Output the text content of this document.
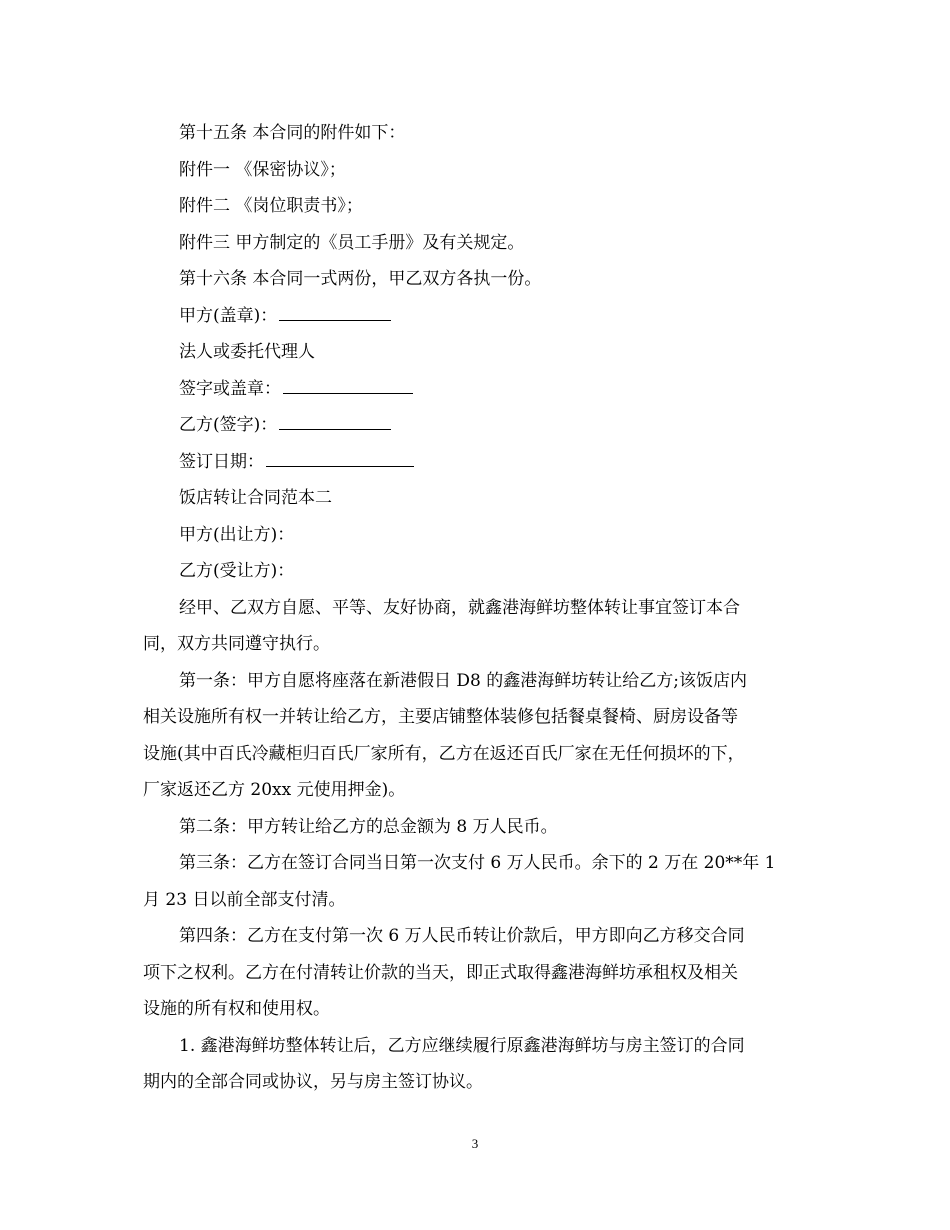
第十五条 本合同的附件如下：

附件一 《保密协议》；

附件二 《岗位职责书》；

附件三 甲方制定的《员工手册》及有关规定。

第十六条 本合同一式两份，甲乙双方各执一份。

甲方(盖章)：

法人或委托代理人

签字或盖章：

乙方(签字)：

签订日期：

饭店转让合同范本二

甲方(出让方)：

乙方(受让方)：

经甲、乙双方自愿、平等、友好协商，就鑫港海鲜坊整体转让事宜签订本合

同，双方共同遵守执行。

第一条：甲方自愿将座落在新港假日 D8 的鑫港海鲜坊转让给乙方;该饭店内

相关设施所有权一并转让给乙方，主要店铺整体装修包括餐桌餐椅、厨房设备等

设施(其中百氏冷藏柜归百氏厂家所有，乙方在返还百氏厂家在无任何损坏的下，

厂家返还乙方 20xx 元使用押金)。

第二条：甲方转让给乙方的总金额为 8 万人民币。

第三条：乙方在签订合同当日第一次支付 6 万人民币。余下的 2 万在 20**年 1

月 23 日以前全部支付清。

第四条：乙方在支付第一次 6 万人民币转让价款后，甲方即向乙方移交合同

项下之权利。乙方在付清转让价款的当天，即正式取得鑫港海鲜坊承租权及相关

设施的所有权和使用权。

1. 鑫港海鲜坊整体转让后，乙方应继续履行原鑫港海鲜坊与房主签订的合同

期内的全部合同或协议，另与房主签订协议。

3
